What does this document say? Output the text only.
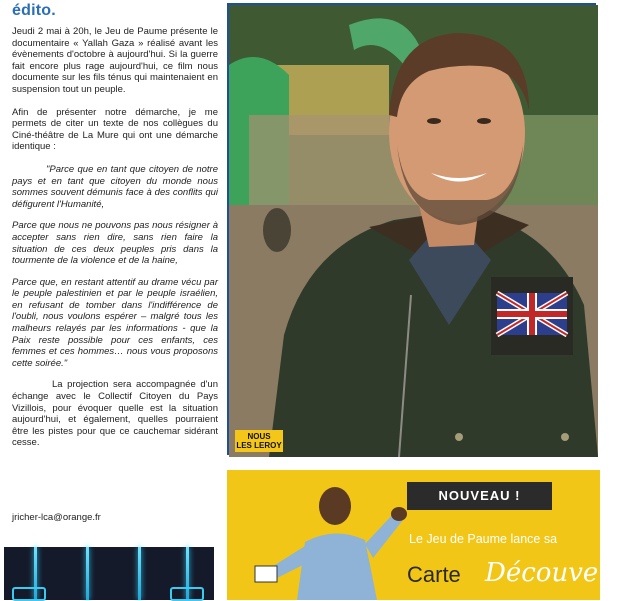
édito.

Jeudi 2 mai à 20h, le Jeu de Paume présente le documentaire « Yallah Gaza » réalisé avant les évènements d'octobre à aujourd'hui. Si la guerre fait encore plus rage aujourd'hui, ce film nous documente sur les fils ténus qui maintenaient en suspension tout un peuple.

Afin de présenter notre démarche, je me permets de citer un texte de nos collègues du Ciné-théâtre de La Mure qui ont une démarche identique :

"Parce que en tant que citoyen de notre pays et en tant que citoyen du monde nous sommes souvent démunis face à des conflits qui défigurent l'Humanité,

Parce que nous ne pouvons pas nous résigner à accepter sans rien dire, sans rien faire la situation de ces deux peuples pris dans la tourmente de la violence et de la haine,

Parce que, en restant attentif au drame vécu par le peuple palestinien et par le peuple israélien, en refusant de tomber dans l'indifférence de l'oubli, nous voulons espérer – malgré tous les malheurs relayés par les informations - que la Paix reste possible pour ces enfants, ces femmes et ces hommes… nous vous proposons cette soirée."

La projection sera accompagnée d'un échange avec le Collectif Citoyen du Pays Vizillois, pour évoquer quelle est la situation aujourd'hui, et également, quelles pourraient être les pistes pour que ce cauchemar sidérant cesse.

jricher-lca@orange.fr
NOUS
LES LEROY
NOUVEAU !
Le Jeu de Paume lance sa
Carte Découverte
